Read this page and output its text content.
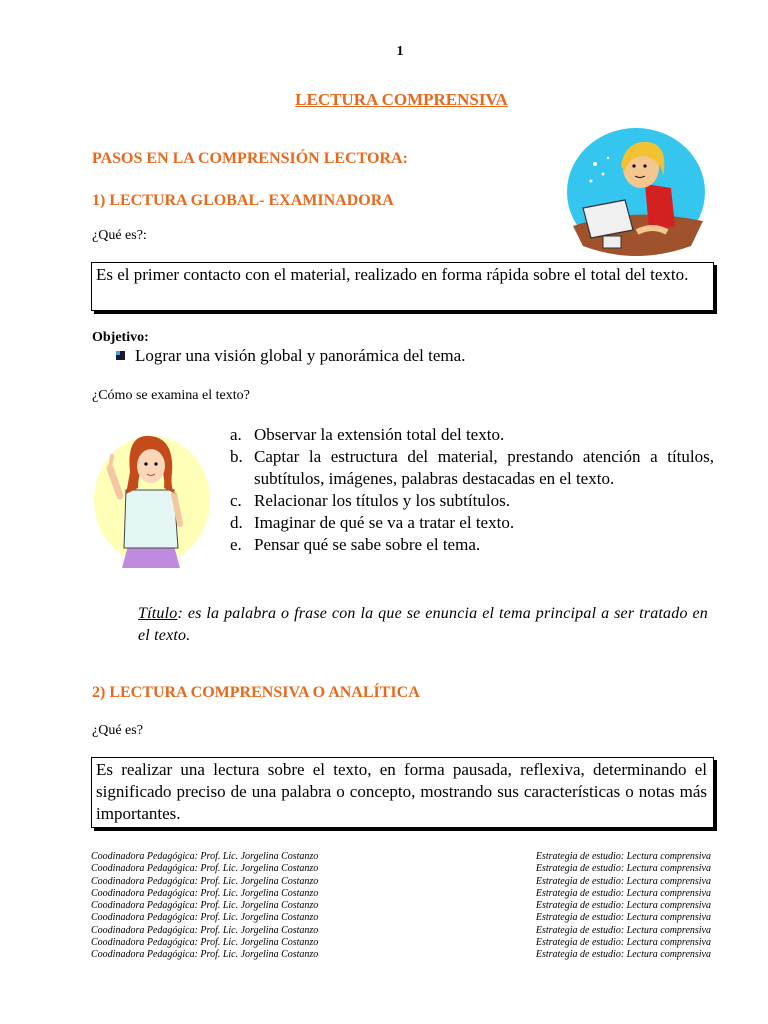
1
LECTURA COMPRENSIVA
PASOS EN LA COMPRENSIÓN LECTORA:
1) LECTURA GLOBAL- EXAMINADORA
¿Qué es?:
Es el primer contacto con el material, realizado en forma rápida sobre el total del texto.
Objetivo:
Lograr una visión global y panorámica del tema.
¿Cómo se examina el texto?
a. Observar la extensión total del texto.
b. Captar la estructura del material, prestando atención a títulos, subtítulos, imágenes, palabras destacadas en el texto.
c. Relacionar los títulos y los subtítulos.
d. Imaginar de qué se va a tratar el texto.
e. Pensar qué se sabe sobre el tema.
Título: es la palabra o frase con la que se enuncia el tema principal a ser tratado en el texto.
2) LECTURA COMPRENSIVA O ANALÍTICA
¿Qué es?
Es realizar una lectura sobre el texto, en forma pausada, reflexiva, determinando el significado preciso de una palabra o concepto, mostrando sus características o notas más importantes.
Coodinadora Pedagógica: Prof. Lic. Jorgelina Costanzo	Estrategia de estudio: Lectura comprensiva
Coodinadora Pedagógica: Prof. Lic. Jorgelina Costanzo	Estrategia de estudio: Lectura comprensiva
Coodinadora Pedagógica: Prof. Lic. Jorgelina Costanzo	Estrategia de estudio: Lectura comprensiva
Coodinadora Pedagógica: Prof. Lic. Jorgelina Costanzo	Estrategia de estudio: Lectura comprensiva
Coodinadora Pedagógica: Prof. Lic. Jorgelina Costanzo	Estrategia de estudio: Lectura comprensiva
Coodinadora Pedagógica: Prof. Lic. Jorgelina Costanzo	Estrategia de estudio: Lectura comprensiva
Coodinadora Pedagógica: Prof. Lic. Jorgelina Costanzo	Estrategia de estudio: Lectura comprensiva
Coodinadora Pedagógica: Prof. Lic. Jorgelina Costanzo	Estrategia de estudio: Lectura comprensiva
Coodinadora Pedagógica: Prof. Lic. Jorgelina Costanzo	Estrategia de estudio: Lectura comprensiva
